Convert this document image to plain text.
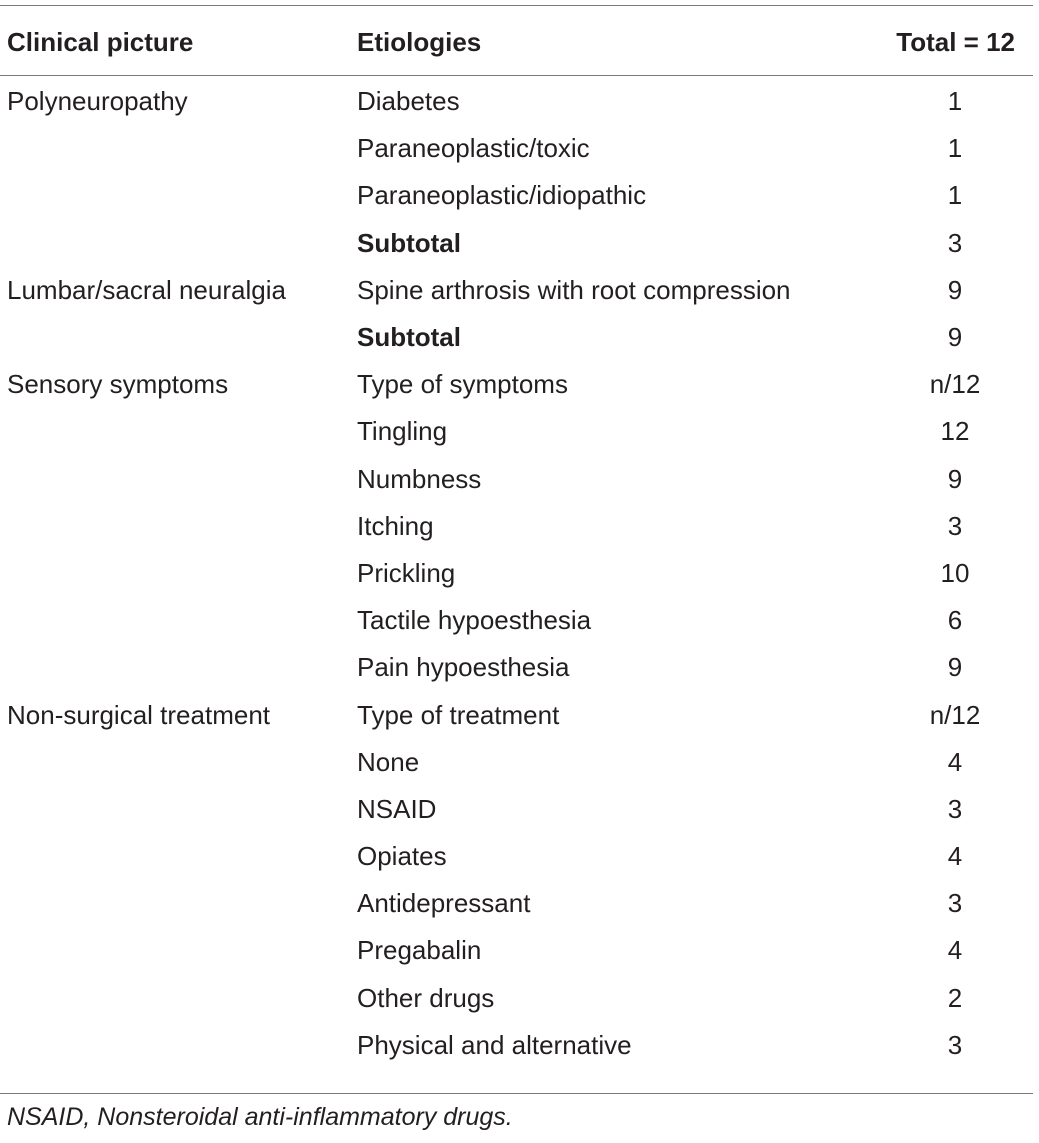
Clinical picture	Etiologies	Total = 12
Polyneuropathy	Diabetes	1
	Paraneoplastic/toxic	1
	Paraneoplastic/idiopathic	1
	Subtotal	3
Lumbar/sacral neuralgia	Spine arthrosis with root compression	9
	Subtotal	9
Sensory symptoms	Type of symptoms	n/12
	Tingling	12
	Numbness	9
	Itching	3
	Prickling	10
	Tactile hypoesthesia	6
	Pain hypoesthesia	9
Non-surgical treatment	Type of treatment	n/12
	None	4
	NSAID	3
	Opiates	4
	Antidepressant	3
	Pregabalin	4
	Other drugs	2
	Physical and alternative	3
NSAID, Nonsteroidal anti-inflammatory drugs.
